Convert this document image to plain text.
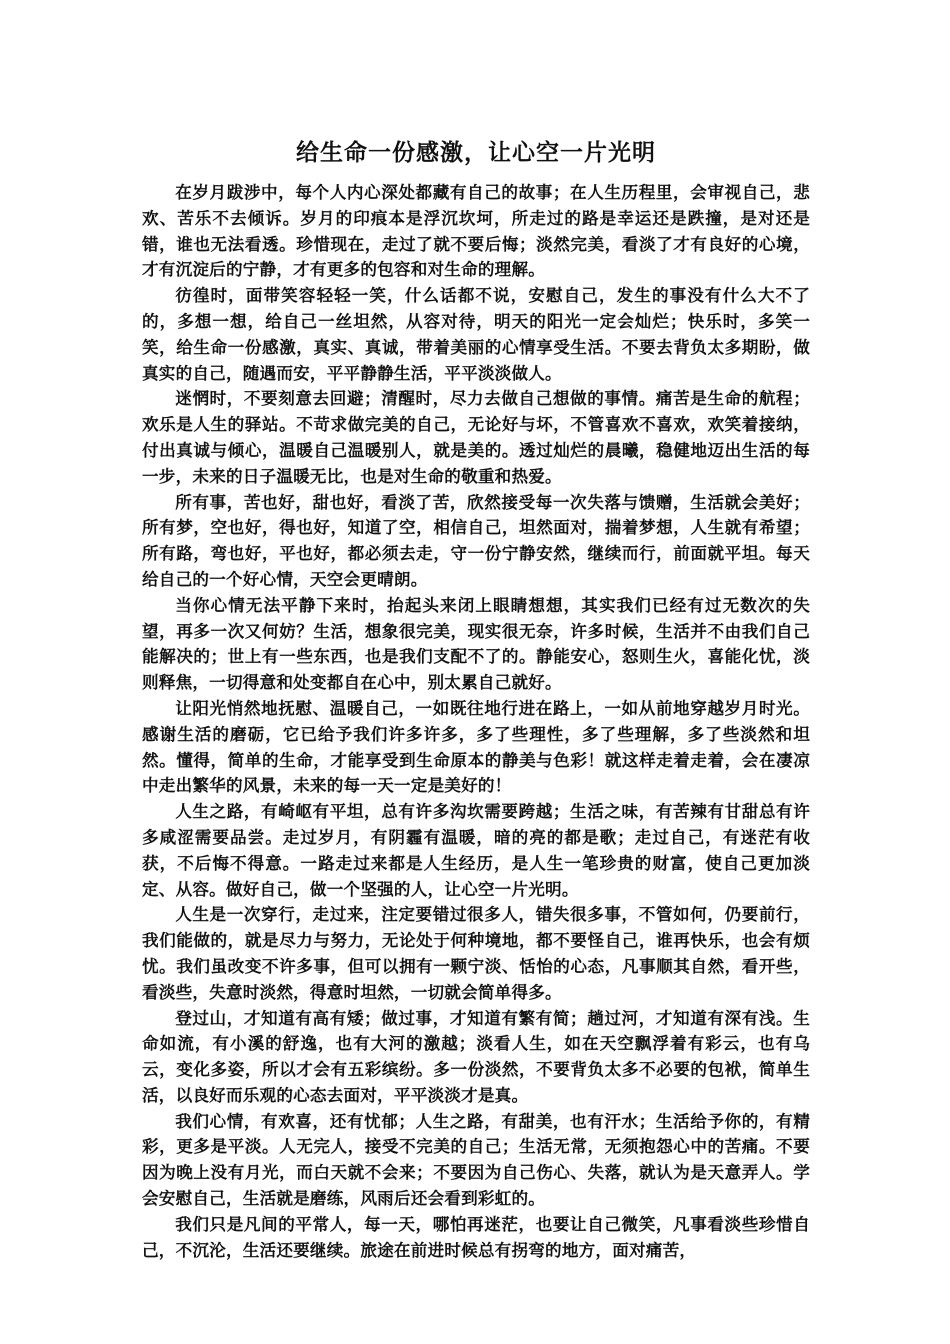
给生命一份感激，让心空一片光明

在岁月跋涉中，每个人内心深处都藏有自己的故事；在人生历程里，会审视自己，悲欢、苦乐不去倾诉。岁月的印痕本是浮沉坎坷，所走过的路是幸运还是跌撞，是对还是错，谁也无法看透。珍惜现在，走过了就不要后悔；淡然完美，看淡了才有良好的心境，才有沉淀后的宁静，才有更多的包容和对生命的理解。

彷徨时，面带笑容轻轻一笑，什么话都不说，安慰自己，发生的事没有什么大不了的，多想一想，给自己一丝坦然，从容对待，明天的阳光一定会灿烂；快乐时，多笑一笑，给生命一份感激，真实、真诚，带着美丽的心情享受生活。不要去背负太多期盼，做真实的自己，随遇而安，平平静静生活，平平淡淡做人。

迷惘时，不要刻意去回避；清醒时，尽力去做自己想做的事情。痛苦是生命的航程；欢乐是人生的驿站。不苛求做完美的自己，无论好与坏，不管喜欢不喜欢，欢笑着接纳，付出真诚与倾心，温暖自己温暖别人，就是美的。透过灿烂的晨曦，稳健地迈出生活的每一步，未来的日子温暖无比，也是对生命的敬重和热爱。

所有事，苦也好，甜也好，看淡了苦，欣然接受每一次失落与馈赠，生活就会美好；所有梦，空也好，得也好，知道了空，相信自己，坦然面对，揣着梦想，人生就有希望；所有路，弯也好，平也好，都必须去走，守一份宁静安然，继续而行，前面就平坦。每天给自己的一个好心情，天空会更晴朗。

当你心情无法平静下来时，抬起头来闭上眼睛想想，其实我们已经有过无数次的失望，再多一次又何妨？生活，想象很完美，现实很无奈，许多时候，生活并不由我们自己能解决的；世上有一些东西，也是我们支配不了的。静能安心，怒则生火，喜能化忧，淡则释焦，一切得意和处变都自在心中，别太累自己就好。

让阳光悄然地抚慰、温暖自己，一如既往地行进在路上，一如从前地穿越岁月时光。感谢生活的磨砺，它已给予我们许多许多，多了些理性，多了些理解，多了些淡然和坦然。懂得，简单的生命，才能享受到生命原本的静美与色彩！就这样走着走着，会在凄凉中走出繁华的风景，未来的每一天一定是美好的！

人生之路，有崎岖有平坦，总有许多沟坎需要跨越；生活之味，有苦辣有甘甜总有许多咸涩需要品尝。走过岁月，有阴霾有温暖，暗的亮的都是歌；走过自己，有迷茫有收获，不后悔不得意。一路走过来都是人生经历，是人生一笔珍贵的财富，使自己更加淡定、从容。做好自己，做一个坚强的人，让心空一片光明。

人生是一次穿行，走过来，注定要错过很多人，错失很多事，不管如何，仍要前行，我们能做的，就是尽力与努力，无论处于何种境地，都不要怪自己，谁再快乐，也会有烦忧。我们虽改变不许多事，但可以拥有一颗宁淡、恬怡的心态，凡事顺其自然，看开些，看淡些，失意时淡然，得意时坦然，一切就会简单得多。

登过山，才知道有高有矮；做过事，才知道有繁有简；趟过河，才知道有深有浅。生命如流，有小溪的舒逸，也有大河的激越；淡看人生，如在天空飘浮着有彩云，也有乌云，变化多姿，所以才会有五彩缤纷。多一份淡然，不要背负太多不必要的包袱，简单生活，以良好而乐观的心态去面对，平平淡淡才是真。

我们心情，有欢喜，还有忧郁；人生之路，有甜美，也有汗水；生活给予你的，有精彩，更多是平淡。人无完人，接受不完美的自己；生活无常，无须抱怨心中的苦痛。不要因为晚上没有月光，而白天就不会来；不要因为自己伤心、失落，就认为是天意弄人。学会安慰自己，生活就是磨练，风雨后还会看到彩虹的。

我们只是凡间的平常人，每一天，哪怕再迷茫，也要让自己微笑，凡事看淡些珍惜自己，不沉沦，生活还要继续。旅途在前进时候总有拐弯的地方，面对痛苦，
